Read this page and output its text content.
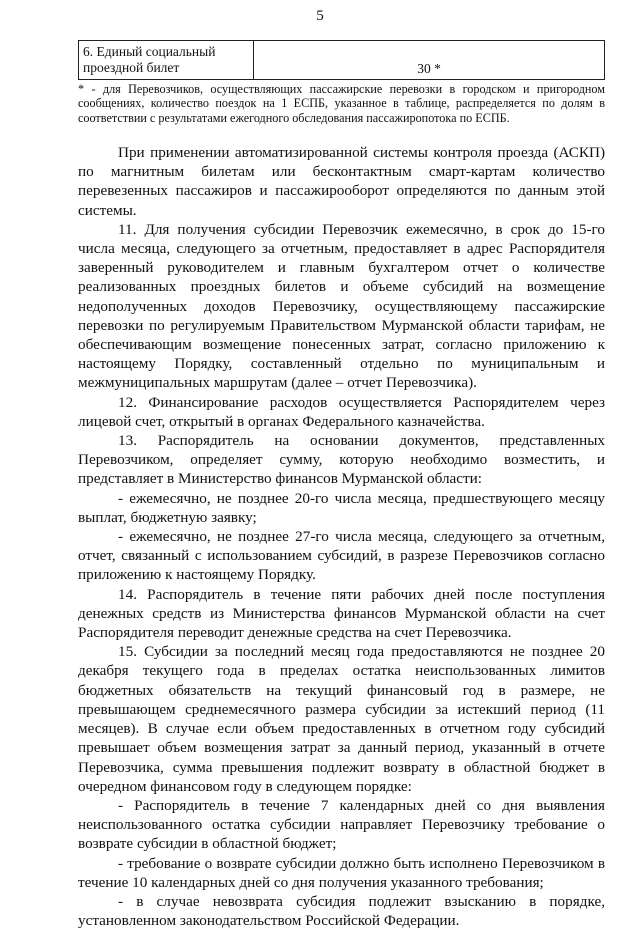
5
6. Единый социальный проездной билет	30 *
* - для Перевозчиков, осуществляющих пассажирские перевозки в городском и пригородном сообщениях, количество поездок на 1 ЕСПБ, указанное в таблице, распределяется по долям в соответствии с результатами ежегодного обследования пассажиропотока по ЕСПБ.

При применении автоматизированной системы контроля проезда (АСКП) по магнитным билетам или бесконтактным смарт-картам количество перевезенных пассажиров и пассажирооборот определяются по данным этой системы.

11. Для получения субсидии Перевозчик ежемесячно, в срок до 15-го числа месяца, следующего за отчетным, предоставляет в адрес Распорядителя заверенный руководителем и главным бухгалтером отчет о количестве реализованных проездных билетов и объеме субсидий на возмещение недополученных доходов Перевозчику, осуществляющему пассажирские перевозки по регулируемым Правительством Мурманской области тарифам, не обеспечивающим возмещение понесенных затрат, согласно приложению к настоящему Порядку, составленный отдельно по муниципальным и межмуниципальных маршрутам (далее – отчет Перевозчика).

12. Финансирование расходов осуществляется Распорядителем через лицевой счет, открытый в органах Федерального казначейства.

13. Распорядитель на основании документов, представленных Перевозчиком, определяет сумму, которую необходимо возместить, и представляет в Министерство финансов Мурманской области:

- ежемесячно, не позднее 20-го числа месяца, предшествующего месяцу выплат, бюджетную заявку;

- ежемесячно, не позднее 27-го числа месяца, следующего за отчетным, отчет, связанный с использованием субсидий, в разрезе Перевозчиков согласно приложению к настоящему Порядку.

14. Распорядитель в течение пяти рабочих дней после поступления денежных средств из Министерства финансов Мурманской области на счет Распорядителя переводит денежные средства на счет Перевозчика.

15. Субсидии за последний месяц года предоставляются не позднее 20 декабря текущего года в пределах остатка неиспользованных лимитов бюджетных обязательств на текущий финансовый год в размере, не превышающем среднемесячного размера субсидии за истекший период (11 месяцев). В случае если объем предоставленных в отчетном году субсидий превышает объем возмещения затрат за данный период, указанный в отчете Перевозчика, сумма превышения подлежит возврату в областной бюджет в очередном финансовом году в следующем порядке:

- Распорядитель в течение 7 календарных дней со дня выявления неиспользованного остатка субсидии направляет Перевозчику требование о возврате субсидии в областной бюджет;

- требование о возврате субсидии должно быть исполнено Перевозчиком в течение 10 календарных дней со дня получения указанного требования;

- в случае невозврата субсидия подлежит взысканию в порядке, установленном законодательством Российской Федерации.
